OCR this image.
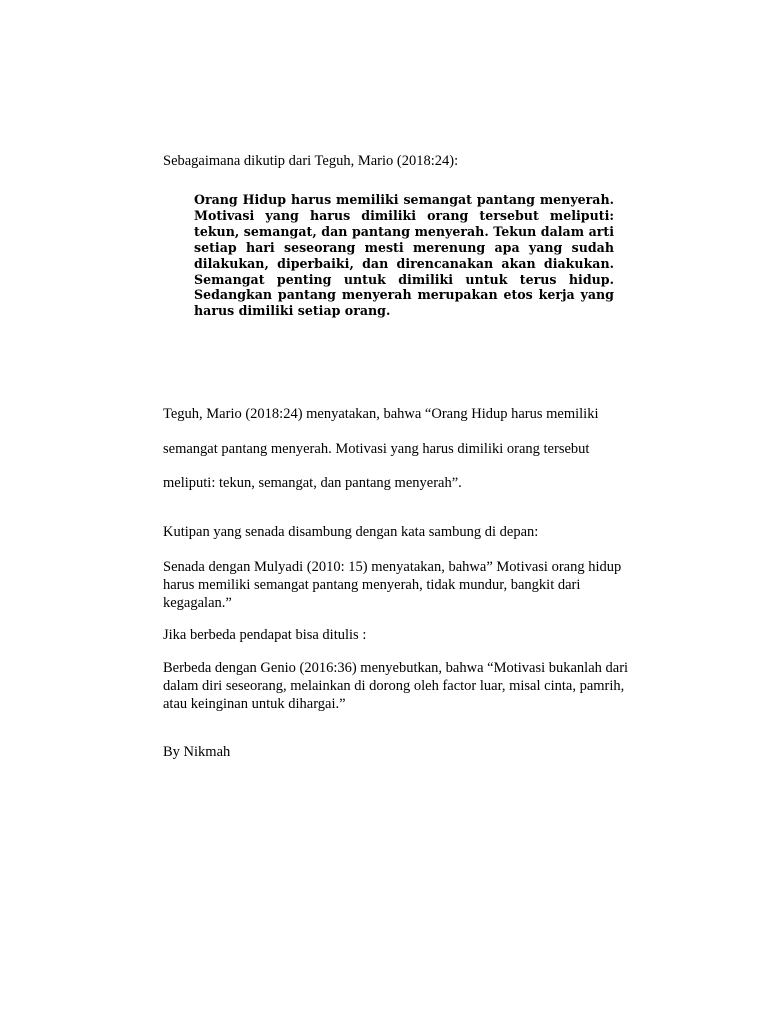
Sebagaimana dikutip dari Teguh, Mario (2018:24):

Orang Hidup harus memiliki semangat pantang menyerah. Motivasi yang harus dimiliki orang tersebut meliputi: tekun, semangat, dan pantang menyerah. Tekun dalam arti setiap hari seseorang mesti merenung apa yang sudah dilakukan, diperbaiki, dan direncanakan akan diakukan. Semangat penting untuk dimiliki untuk terus hidup. Sedangkan pantang menyerah merupakan etos kerja yang harus dimiliki setiap orang.

Teguh, Mario (2018:24) menyatakan, bahwa “Orang Hidup harus memiliki

semangat pantang menyerah. Motivasi yang harus dimiliki orang tersebut

meliputi: tekun, semangat, dan pantang menyerah”.

Kutipan yang senada disambung dengan kata sambung di depan:

Senada dengan Mulyadi (2010: 15) menyatakan, bahwa” Motivasi orang hidup harus memiliki semangat pantang menyerah, tidak mundur, bangkit dari kegagalan.”

Jika berbeda pendapat bisa ditulis :

Berbeda dengan Genio (2016:36) menyebutkan, bahwa “Motivasi bukanlah dari dalam diri seseorang, melainkan di dorong oleh factor luar, misal cinta, pamrih, atau keinginan untuk dihargai.”

By Nikmah
